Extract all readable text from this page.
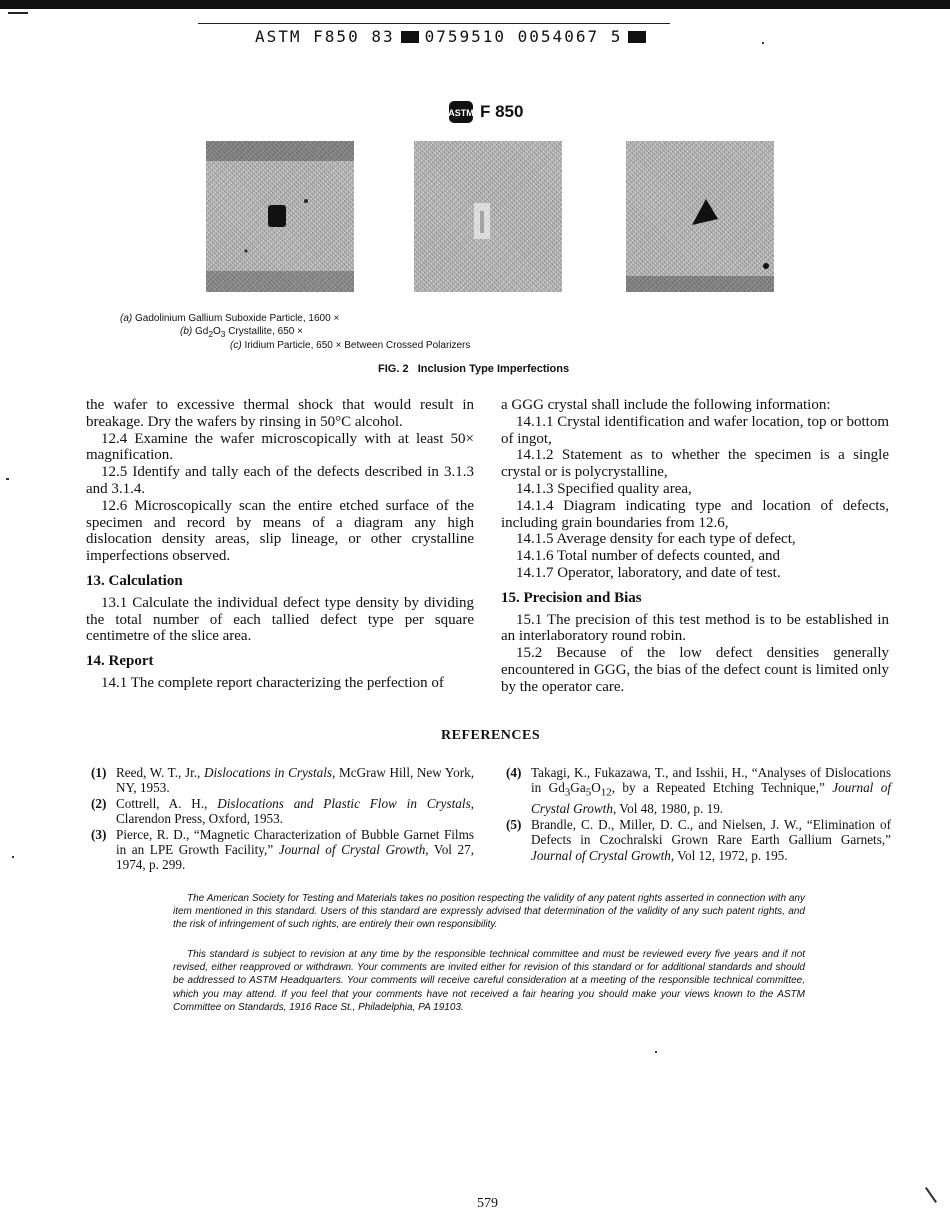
ASTM F850 83 0759510 0054067 5
ASTM F 850
(a) Gadolinium Gallium Suboxide Particle, 1600 ×
(b) $Gd_2O_3$ Crystallite, 650 ×
(c) Iridium Particle, 650 × Between Crossed Polarizers
FIG. 2 Inclusion Type Imperfections

the wafer to excessive thermal shock that would result in breakage. Dry the wafers by rinsing in 50°C alcohol.

12.4 Examine the wafer microscopically with at least 50× magnification.

12.5 Identify and tally each of the defects described in 3.1.3 and 3.1.4.

12.6 Microscopically scan the entire etched surface of the specimen and record by means of a diagram any high dislocation density areas, slip lineage, or other crystalline imperfections observed.

13. Calculation

13.1 Calculate the individual defect type density by dividing the total number of each tallied defect type per square centimetre of the slice area.

14. Report

14.1 The complete report characterizing the perfection of

a GGG crystal shall include the following information:

14.1.1 Crystal identification and wafer location, top or bottom of ingot,

14.1.2 Statement as to whether the specimen is a single crystal or is polycrystalline,

14.1.3 Specified quality area,

14.1.4 Diagram indicating type and location of defects, including grain boundaries from 12.6,

14.1.5 Average density for each type of defect,

14.1.6 Total number of defects counted, and

14.1.7 Operator, laboratory, and date of test.

15. Precision and Bias

15.1 The precision of this test method is to be established in an interlaboratory round robin.

15.2 Because of the low defect densities generally encountered in GGG, the bias of the defect count is limited only by the operator care.

REFERENCES

(1) Reed, W. T., Jr., Dislocations in Crystals, McGraw Hill, New York, NY, 1953.

(2) Cottrell, A. H., Dislocations and Plastic Flow in Crystals, Clarendon Press, Oxford, 1953.

(3) Pierce, R. D., “Magnetic Characterization of Bubble Garnet Films in an LPE Growth Facility,” Journal of Crystal Growth, Vol 27, 1974, p. 299.

(4) Takagi, K., Fukazawa, T., and Isshii, H., “Analyses of Dislocations in $Gd_3Ga_5O_{12}$, by a Repeated Etching Technique,” Journal of Crystal Growth, Vol 48, 1980, p. 19.

(5) Brandle, C. D., Miller, D. C., and Nielsen, J. W., “Elimination of Defects in Czochralski Grown Rare Earth Gallium Garnets,” Journal of Crystal Growth, Vol 12, 1972, p. 195.

The American Society for Testing and Materials takes no position respecting the validity of any patent rights asserted in connection with any item mentioned in this standard. Users of this standard are expressly advised that determination of the validity of any such patent rights, and the risk of infringement of such rights, are entirely their own responsibility.

This standard is subject to revision at any time by the responsible technical committee and must be reviewed every five years and if not revised, either reapproved or withdrawn. Your comments are invited either for revision of this standard or for additional standards and should be addressed to ASTM Headquarters. Your comments will receive careful consideration at a meeting of the responsible technical committee, which you may attend. If you feel that your comments have not received a fair hearing you should make your views known to the ASTM Committee on Standards, 1916 Race St., Philadelphia, PA 19103.

579
